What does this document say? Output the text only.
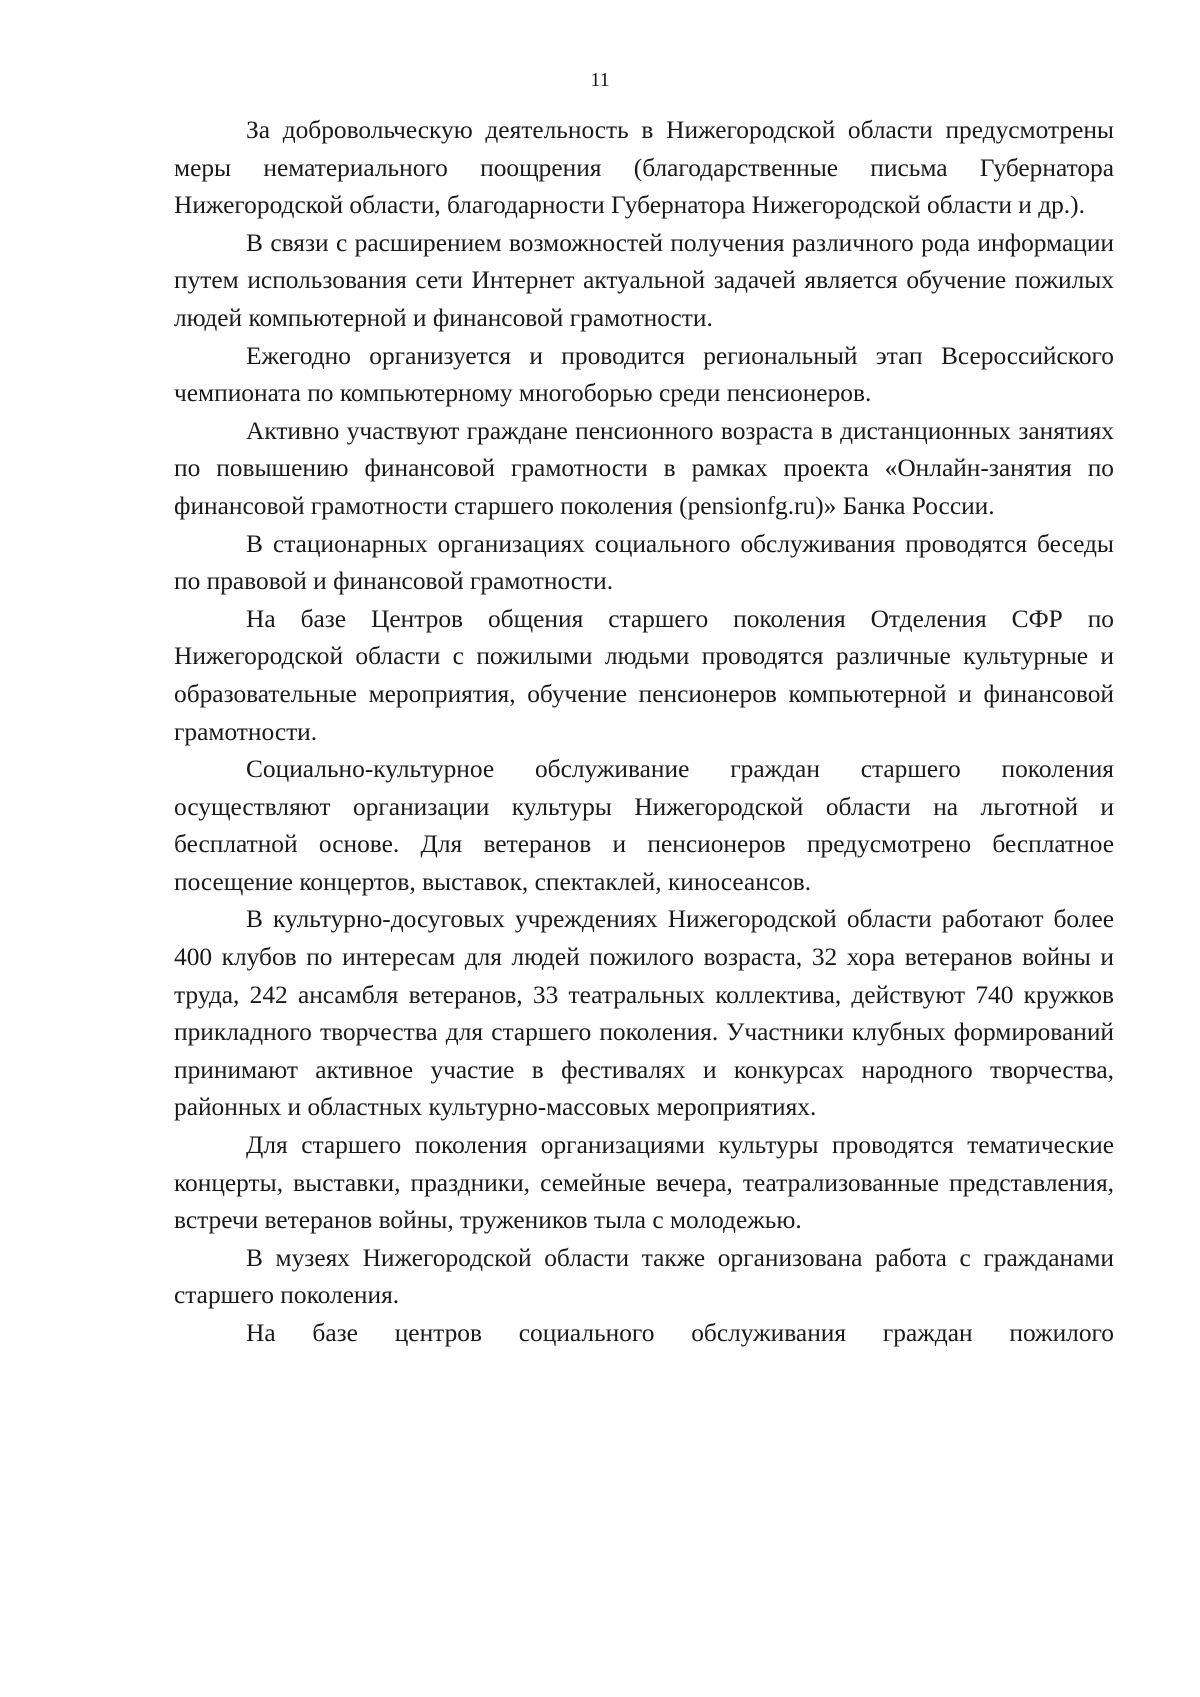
11

За добровольческую деятельность в Нижегородской области предусмотрены меры нематериального поощрения (благодарственные письма Губернатора Нижегородской области, благодарности Губернатора Нижегородской области и др.).

В связи с расширением возможностей получения различного рода информации путем использования сети Интернет актуальной задачей является обучение пожилых людей компьютерной и финансовой грамотности.

Ежегодно организуется и проводится региональный этап Всероссийского чемпионата по компьютерному многоборью среди пенсионеров.

Активно участвуют граждане пенсионного возраста в дистанционных занятиях по повышению финансовой грамотности в рамках проекта «Онлайн-занятия по финансовой грамотности старшего поколения (pensionfg.ru)» Банка России.

В стационарных организациях социального обслуживания проводятся беседы по правовой и финансовой грамотности.

На базе Центров общения старшего поколения Отделения СФР по Нижегородской области с пожилыми людьми проводятся различные культурные и образовательные мероприятия, обучение пенсионеров компьютерной и финансовой грамотности.

Социально-культурное обслуживание граждан старшего поколения осуществляют организации культуры Нижегородской области на льготной и бесплатной основе. Для ветеранов и пенсионеров предусмотрено бесплатное посещение концертов, выставок, спектаклей, киносеансов.

В культурно-досуговых учреждениях Нижегородской области работают более 400 клубов по интересам для людей пожилого возраста, 32 хора ветеранов войны и труда, 242 ансамбля ветеранов, 33 театральных коллектива, действуют 740 кружков прикладного творчества для старшего поколения. Участники клубных формирований принимают активное участие в фестивалях и конкурсах народного творчества, районных и областных культурно-массовых мероприятиях.

Для старшего поколения организациями культуры проводятся тематические концерты, выставки, праздники, семейные вечера, театрализованные представления, встречи ветеранов войны, тружеников тыла с молодежью.

В музеях Нижегородской области также организована работа с гражданами старшего поколения.

На базе центров социального обслуживания граждан пожилого
